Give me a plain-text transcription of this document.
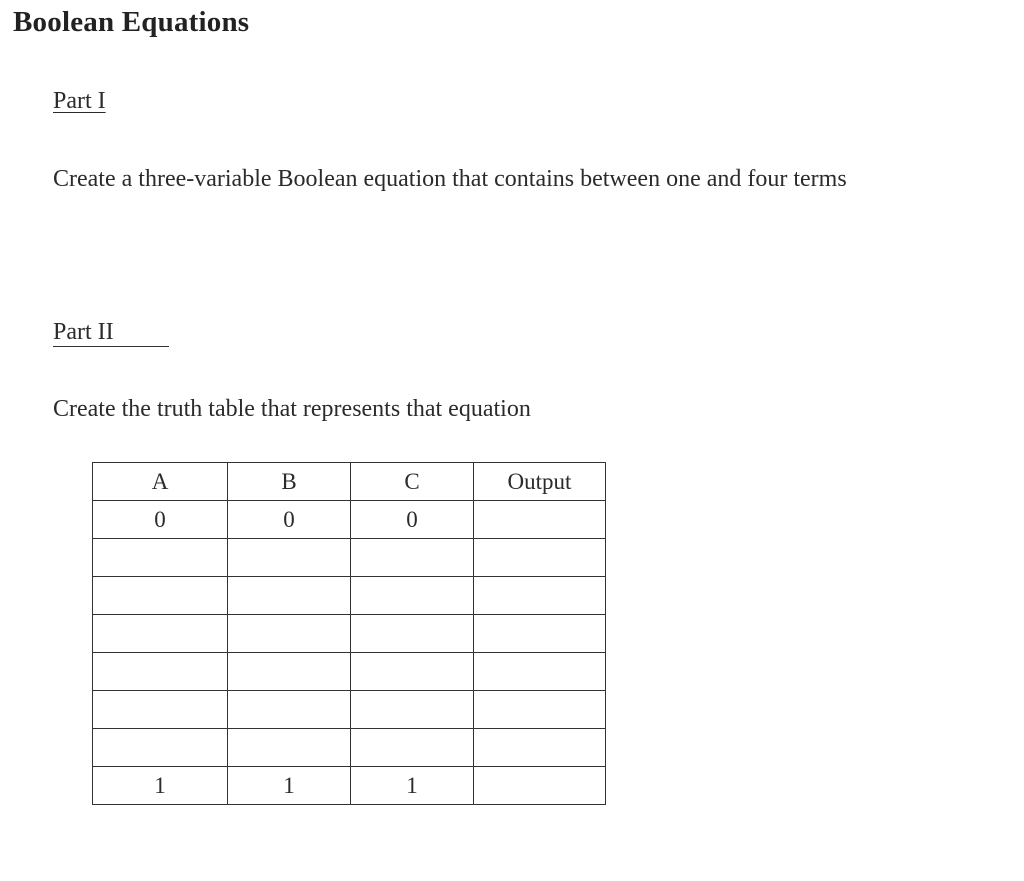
Boolean Equations

Part I

Create a three-variable Boolean equation that contains between one and four terms

Part II

Create the truth table that represents that equation

A	B	C	Output
0	0	0	

1	1	1	
